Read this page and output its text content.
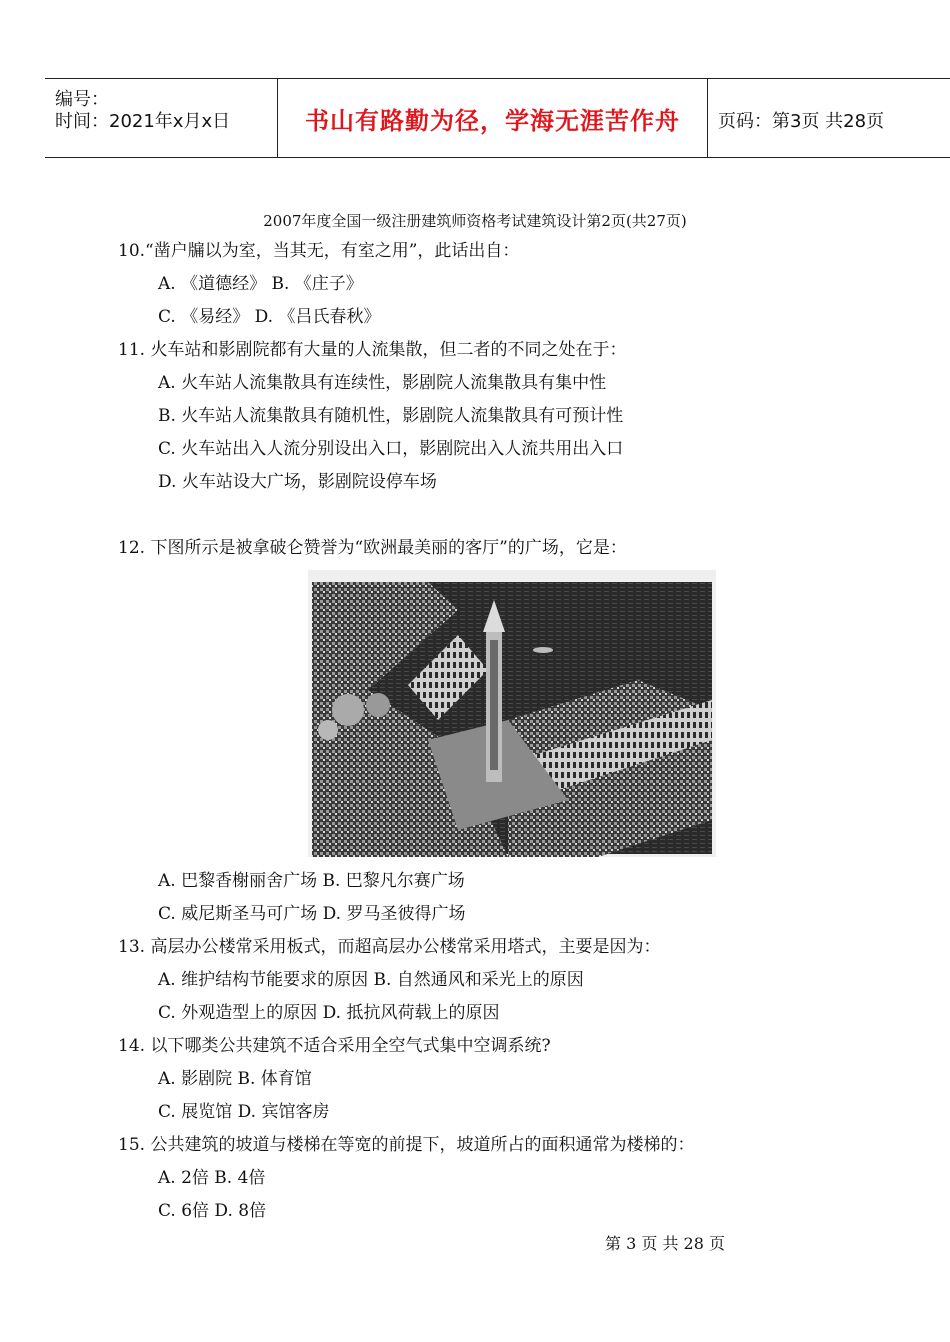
编号：
时间：2021年x月x日	书山有路勤为径，学海无涯苦作舟	页码：第3页 共28页
2007年度全国一级注册建筑师资格考试建筑设计第2页(共27页)
10.“凿户牖以为室，当其无，有室之用”，此话出自：
A. 《道德经》 B. 《庄子》
C. 《易经》 D. 《吕氏春秋》
11. 火车站和影剧院都有大量的人流集散，但二者的不同之处在于：
A. 火车站人流集散具有连续性，影剧院人流集散具有集中性
B. 火车站人流集散具有随机性，影剧院人流集散具有可预计性
C. 火车站出入人流分别设出入口，影剧院出入人流共用出入口
D. 火车站设大广场，影剧院设停车场
12. 下图所示是被拿破仑赞誉为“欧洲最美丽的客厅”的广场，它是：
A. 巴黎香榭丽舍广场 B. 巴黎凡尔赛广场
C. 威尼斯圣马可广场 D. 罗马圣彼得广场
13. 高层办公楼常采用板式，而超高层办公楼常采用塔式，主要是因为：
A. 维护结构节能要求的原因 B. 自然通风和采光上的原因
C. 外观造型上的原因 D. 抵抗风荷载上的原因
14. 以下哪类公共建筑不适合采用全空气式集中空调系统?
A. 影剧院 B. 体育馆
C. 展览馆 D. 宾馆客房
15. 公共建筑的坡道与楼梯在等宽的前提下，坡道所占的面积通常为楼梯的：
A. 2倍 B. 4倍
C. 6倍 D. 8倍
第 3 页 共 28 页
